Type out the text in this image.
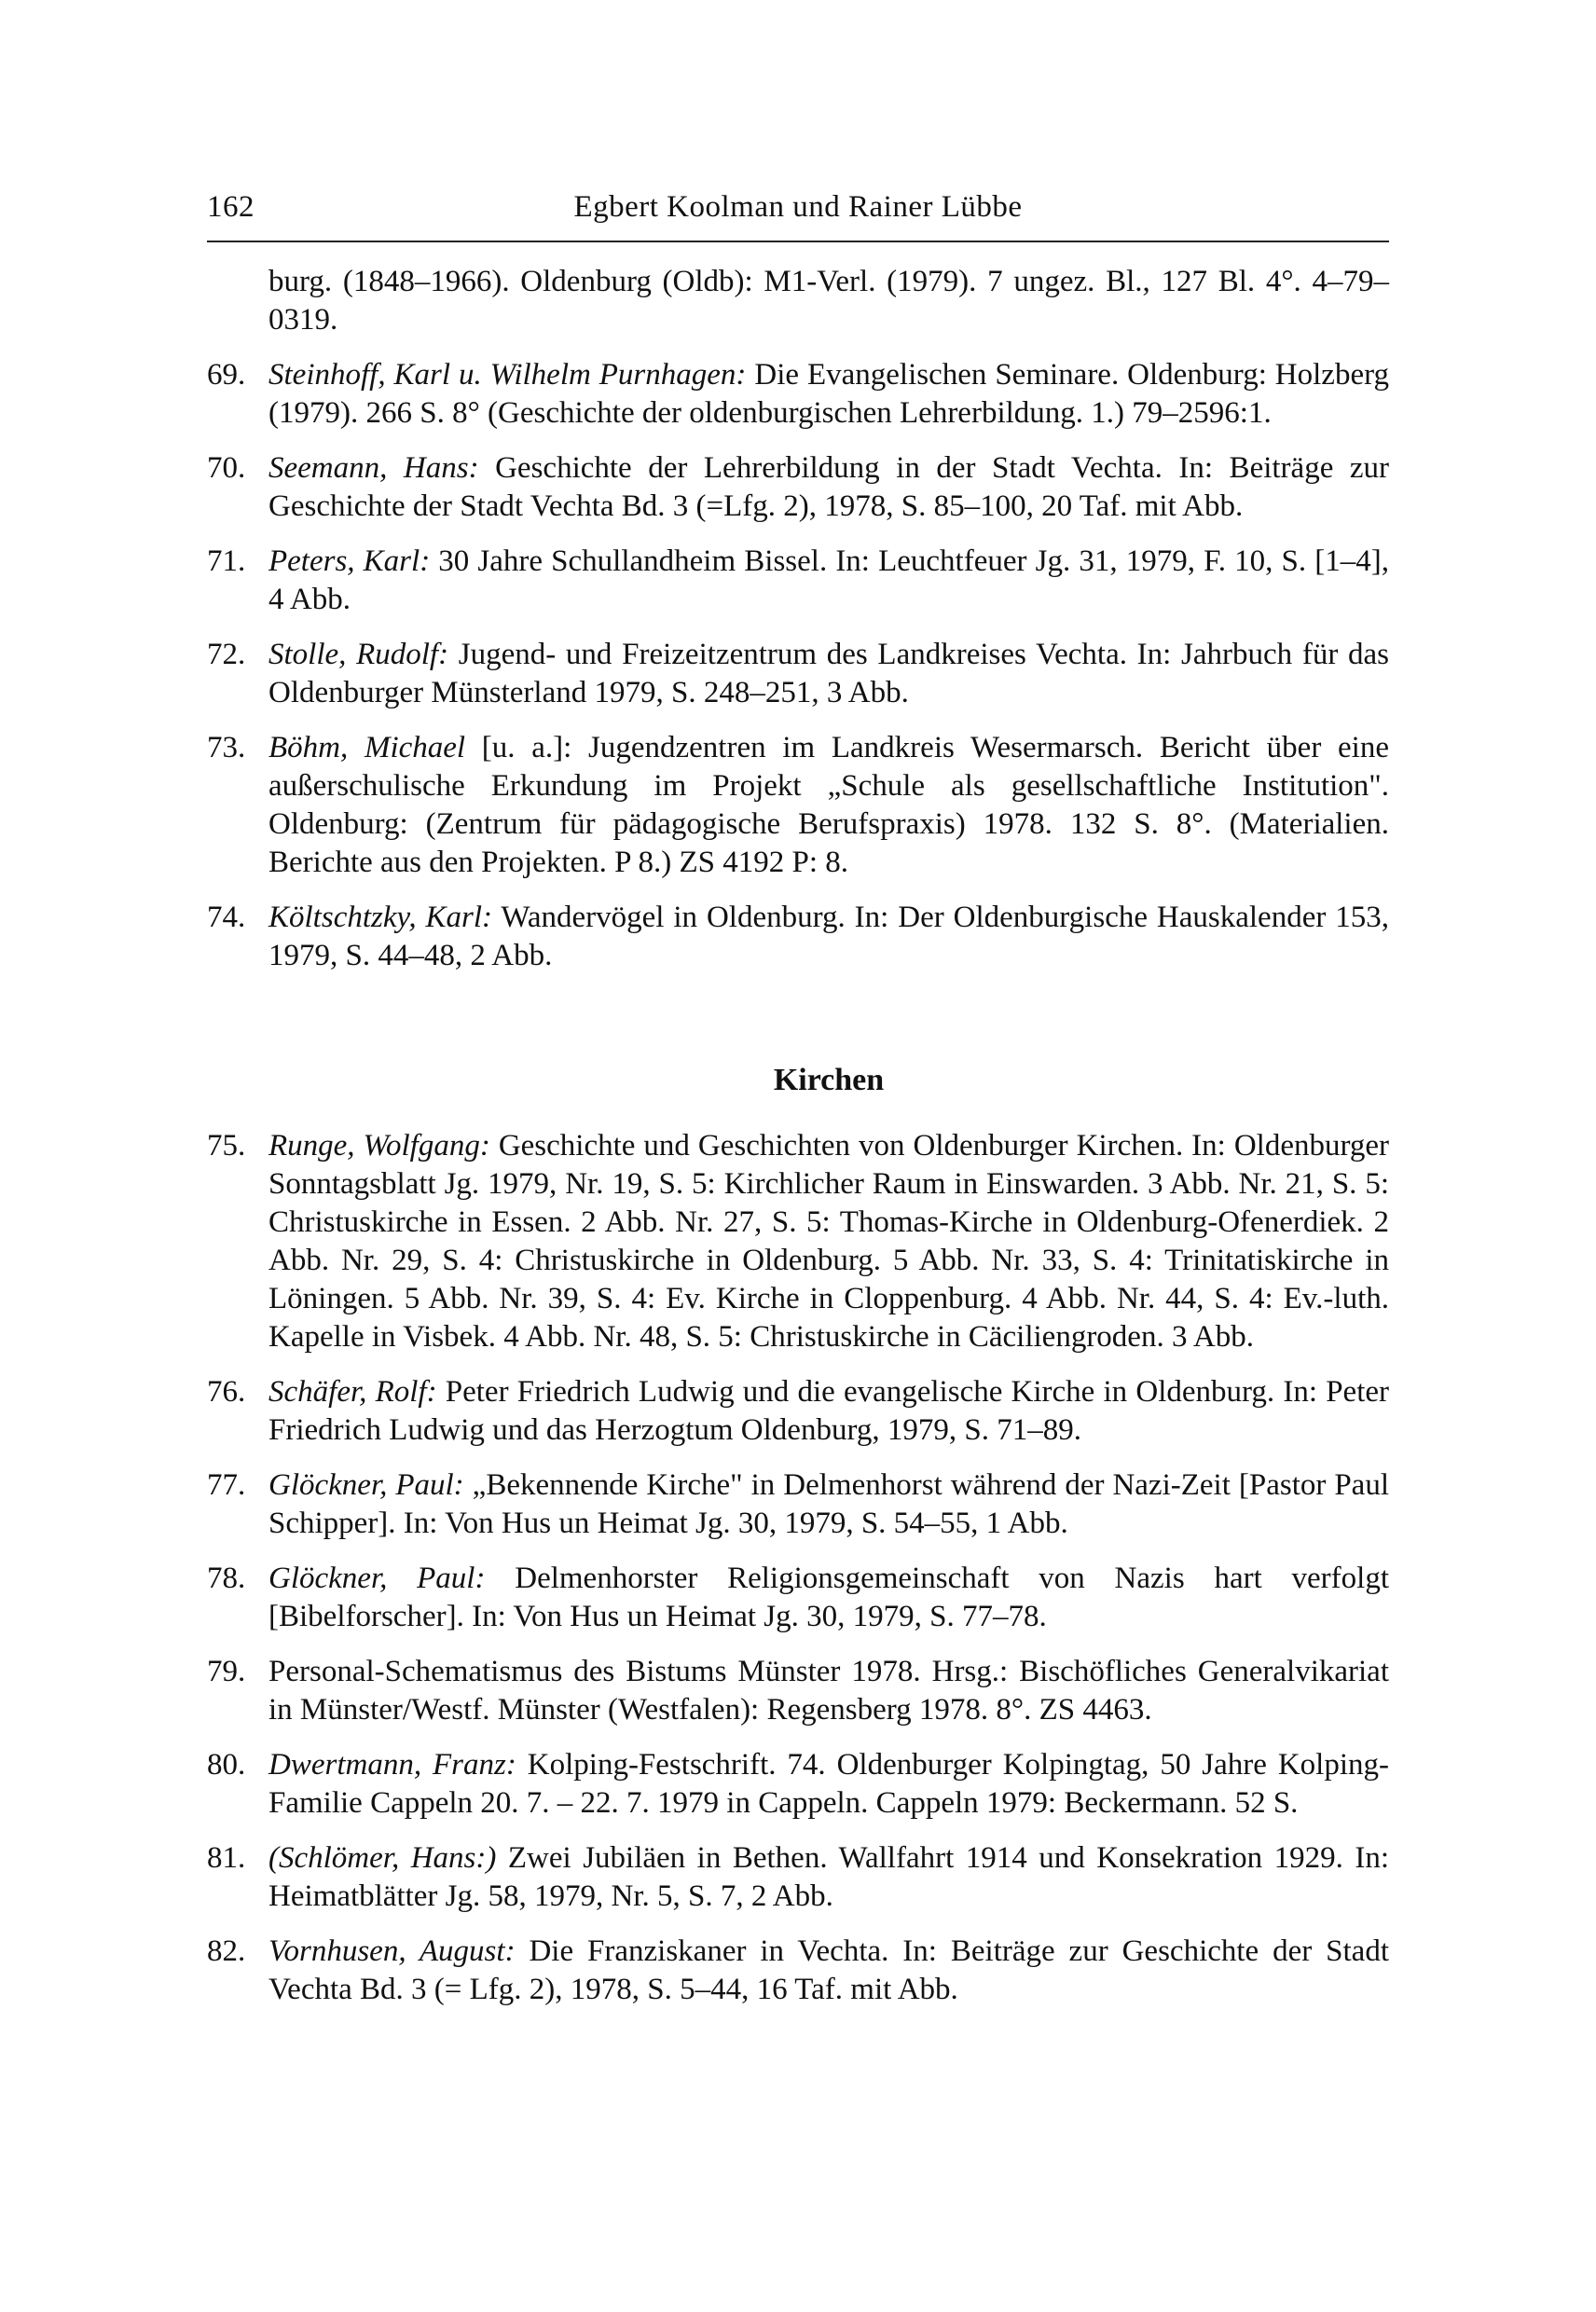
162	Egbert Koolman und Rainer Lübbe

burg. (1848–1966). Oldenburg (Oldb): M1-Verl. (1979). 7 ungez. Bl., 127 Bl. 4°. 4–79–0319.

69. Steinhoff, Karl u. Wilhelm Purnhagen: Die Evangelischen Seminare. Oldenburg: Holzberg (1979). 266 S. 8° (Geschichte der oldenburgischen Lehrerbildung. 1.) 79–2596:1.

70. Seemann, Hans: Geschichte der Lehrerbildung in der Stadt Vechta. In: Beiträge zur Geschichte der Stadt Vechta Bd. 3 (=Lfg. 2), 1978, S. 85–100, 20 Taf. mit Abb.

71. Peters, Karl: 30 Jahre Schullandheim Bissel. In: Leuchtfeuer Jg. 31, 1979, F. 10, S. [1–4], 4 Abb.

72. Stolle, Rudolf: Jugend- und Freizeitzentrum des Landkreises Vechta. In: Jahrbuch für das Oldenburger Münsterland 1979, S. 248–251, 3 Abb.

73. Böhm, Michael [u. a.]: Jugendzentren im Landkreis Wesermarsch. Bericht über eine außerschulische Erkundung im Projekt „Schule als gesellschaftliche Institution". Oldenburg: (Zentrum für pädagogische Berufspraxis) 1978. 132 S. 8°. (Materialien. Berichte aus den Projekten. P 8.) ZS 4192 P: 8.

74. Költschtzky, Karl: Wandervögel in Oldenburg. In: Der Oldenburgische Hauskalender 153, 1979, S. 44–48, 2 Abb.

Kirchen

75. Runge, Wolfgang: Geschichte und Geschichten von Oldenburger Kirchen. In: Oldenburger Sonntagsblatt Jg. 1979, Nr. 19, S. 5: Kirchlicher Raum in Einswarden. 3 Abb. Nr. 21, S. 5: Christuskirche in Essen. 2 Abb. Nr. 27, S. 5: Thomas-Kirche in Oldenburg-Ofenerdiek. 2 Abb. Nr. 29, S. 4: Christuskirche in Oldenburg. 5 Abb. Nr. 33, S. 4: Trinitatiskirche in Löningen. 5 Abb. Nr. 39, S. 4: Ev. Kirche in Cloppenburg. 4 Abb. Nr. 44, S. 4: Ev.-luth. Kapelle in Visbek. 4 Abb. Nr. 48, S. 5: Christuskirche in Cäciliengroden. 3 Abb.

76. Schäfer, Rolf: Peter Friedrich Ludwig und die evangelische Kirche in Oldenburg. In: Peter Friedrich Ludwig und das Herzogtum Oldenburg, 1979, S. 71–89.

77. Glöckner, Paul: „Bekennende Kirche" in Delmenhorst während der Nazi-Zeit [Pastor Paul Schipper]. In: Von Hus un Heimat Jg. 30, 1979, S. 54–55, 1 Abb.

78. Glöckner, Paul: Delmenhorster Religionsgemeinschaft von Nazis hart verfolgt [Bibelforscher]. In: Von Hus un Heimat Jg. 30, 1979, S. 77–78.

79. Personal-Schematismus des Bistums Münster 1978. Hrsg.: Bischöfliches Generalvikariat in Münster/Westf. Münster (Westfalen): Regensberg 1978. 8°. ZS 4463.

80. Dwertmann, Franz: Kolping-Festschrift. 74. Oldenburger Kolpingtag, 50 Jahre Kolping-Familie Cappeln 20. 7. – 22. 7. 1979 in Cappeln. Cappeln 1979: Beckermann. 52 S.

81. (Schlömer, Hans:) Zwei Jubiläen in Bethen. Wallfahrt 1914 und Konsekration 1929. In: Heimatblätter Jg. 58, 1979, Nr. 5, S. 7, 2 Abb.

82. Vornhusen, August: Die Franziskaner in Vechta. In: Beiträge zur Geschichte der Stadt Vechta Bd. 3 (= Lfg. 2), 1978, S. 5–44, 16 Taf. mit Abb.
